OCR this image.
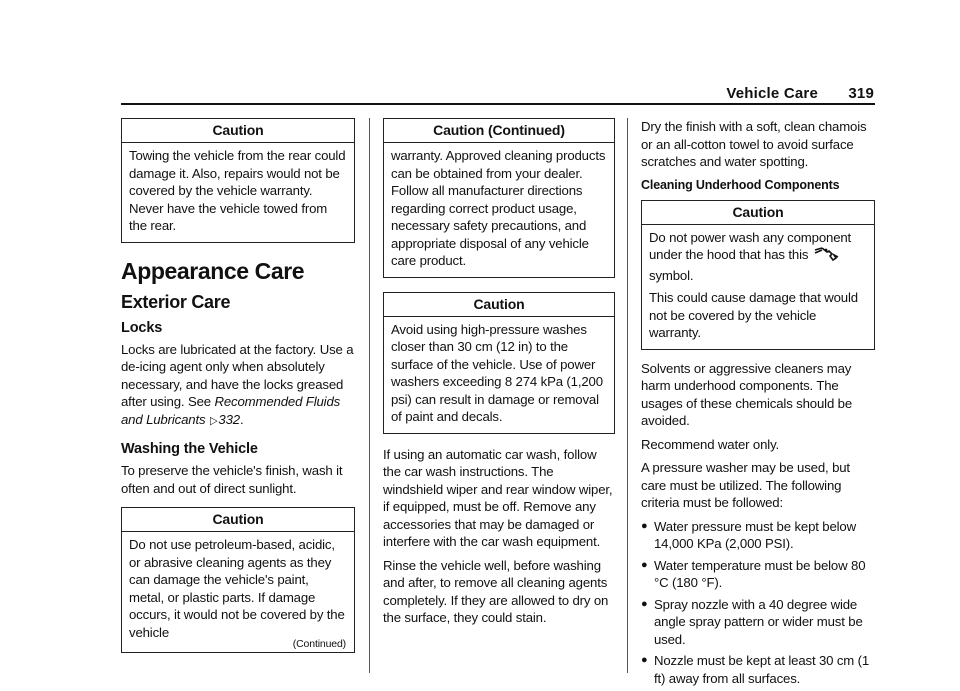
Vehicle Care 319
Caution

Towing the vehicle from the rear could damage it. Also, repairs would not be covered by the vehicle warranty. Never have the vehicle towed from the rear.

Appearance Care
Exterior Care
Locks

Locks are lubricated at the factory. Use a de-icing agent only when absolutely necessary, and have the locks greased after using. See Recommended Fluids and Lubricants ▷332.

Washing the Vehicle

To preserve the vehicle's finish, wash it often and out of direct sunlight.

Caution

Do not use petroleum-based, acidic, or abrasive cleaning agents as they can damage the vehicle's paint, metal, or plastic parts. If damage occurs, it would not be covered by the vehicle

(Continued)
Caution (Continued)

warranty. Approved cleaning products can be obtained from your dealer. Follow all manufacturer directions regarding correct product usage, necessary safety precautions, and appropriate disposal of any vehicle care product.

Caution

Avoid using high-pressure washes closer than 30 cm (12 in) to the surface of the vehicle. Use of power washers exceeding 8 274 kPa (1,200 psi) can result in damage or removal of paint and decals.

If using an automatic car wash, follow the car wash instructions. The windshield wiper and rear window wiper, if equipped, must be off. Remove any accessories that may be damaged or interfere with the car wash equipment.

Rinse the vehicle well, before washing and after, to remove all cleaning agents completely. If they are allowed to dry on the surface, they could stain.

Dry the finish with a soft, clean chamois or an all-cotton towel to avoid surface scratches and water spotting.

Cleaning Underhood Components
Caution

Do not power wash any component under the hood that has this
symbol.

This could cause damage that would not be covered by the vehicle warranty.

Solvents or aggressive cleaners may harm underhood components. The usages of these chemicals should be avoided.

Recommend water only.

A pressure washer may be used, but care must be utilized. The following criteria must be followed:

● Water pressure must be kept below 14,000 KPa (2,000 PSI).
● Water temperature must be below 80 °C (180 °F).
● Spray nozzle with a 40 degree wide angle spray pattern or wider must be used.
● Nozzle must be kept at least 30 cm (1 ft) away from all surfaces.
